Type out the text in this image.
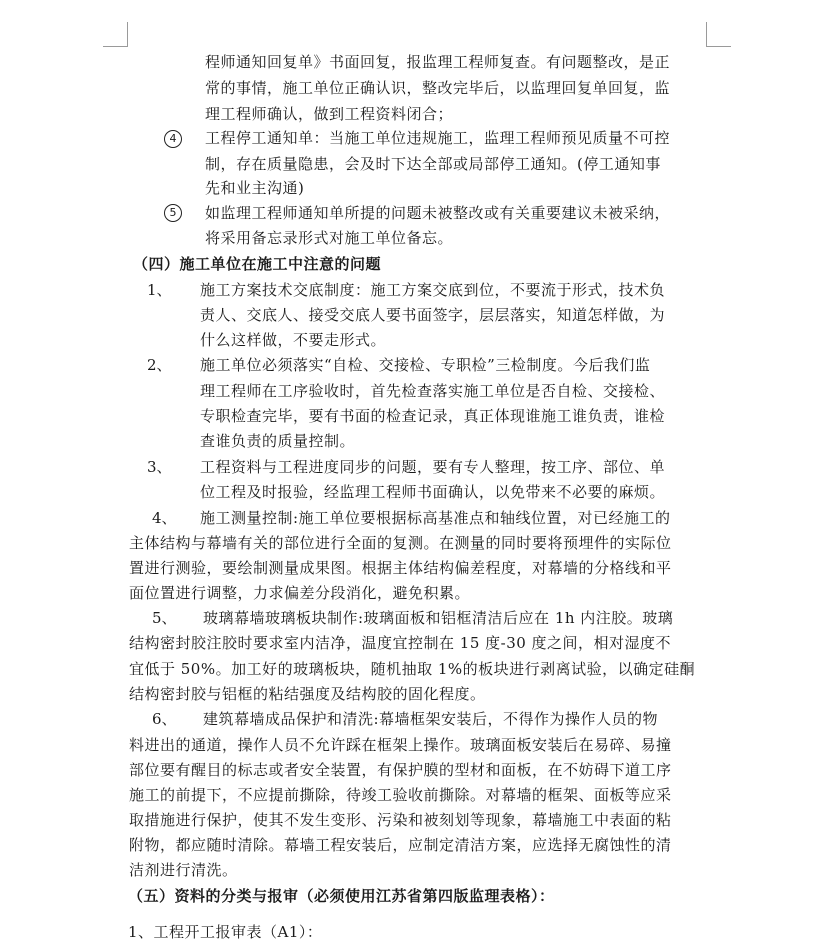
程师通知回复单》书面回复，报监理工程师复查。有问题整改，是正
常的事情，施工单位正确认识，整改完毕后，以监理回复单回复，监
理工程师确认，做到工程资料闭合；
4	工程停工通知单：当施工单位违规施工，监理工程师预见质量不可控
制，存在质量隐患，会及时下达全部或局部停工通知。(停工通知事
先和业主沟通)
5	如监理工程师通知单所提的问题未被整改或有关重要建议未被采纳，
将采用备忘录形式对施工单位备忘。
（四）施工单位在施工中注意的问题
1、 施工方案技术交底制度：施工方案交底到位，不要流于形式，技术负
责人、交底人、接受交底人要书面签字，层层落实，知道怎样做，为
什么这样做，不要走形式。
2、 施工单位必须落实“自检、交接检、专职检”三检制度。今后我们监
理工程师在工序验收时，首先检查落实施工单位是否自检、交接检、
专职检查完毕，要有书面的检查记录，真正体现谁施工谁负责，谁检
查谁负责的质量控制。
3、 工程资料与工程进度同步的问题，要有专人整理，按工序、部位、单
位工程及时报验，经监理工程师书面确认，以免带来不必要的麻烦。
4、 施工测量控制:施工单位要根据标高基准点和轴线位置，对已经施工的
主体结构与幕墙有关的部位进行全面的复测。在测量的同时要将预埋件的实际位
置进行测验，要绘制测量成果图。根据主体结构偏差程度，对幕墙的分格线和平
面位置进行调整，力求偏差分段消化，避免积累。
5、 玻璃幕墙玻璃板块制作:玻璃面板和铝框清洁后应在 1h 内注胶。玻璃
结构密封胶注胶时要求室内洁净，温度宜控制在 15 度-30 度之间，相对湿度不
宜低于 50%。加工好的玻璃板块，随机抽取 1%的板块进行剥离试验，以确定硅酮
结构密封胶与铝框的粘结强度及结构胶的固化程度。
6、 建筑幕墙成品保护和清洗:幕墙框架安装后，不得作为操作人员的物
料进出的通道，操作人员不允许踩在框架上操作。玻璃面板安装后在易碎、易撞
部位要有醒目的标志或者安全装置，有保护膜的型材和面板，在不妨碍下道工序
施工的前提下，不应提前撕除，待竣工验收前撕除。对幕墙的框架、面板等应采
取措施进行保护，使其不发生变形、污染和被刻划等现象，幕墙施工中表面的粘
附物，都应随时清除。幕墙工程安装后，应制定清洁方案，应选择无腐蚀性的清
洁剂进行清洗。
（五）资料的分类与报审（必须使用江苏省第四版监理表格）：
1、工程开工报审表（A1）：
